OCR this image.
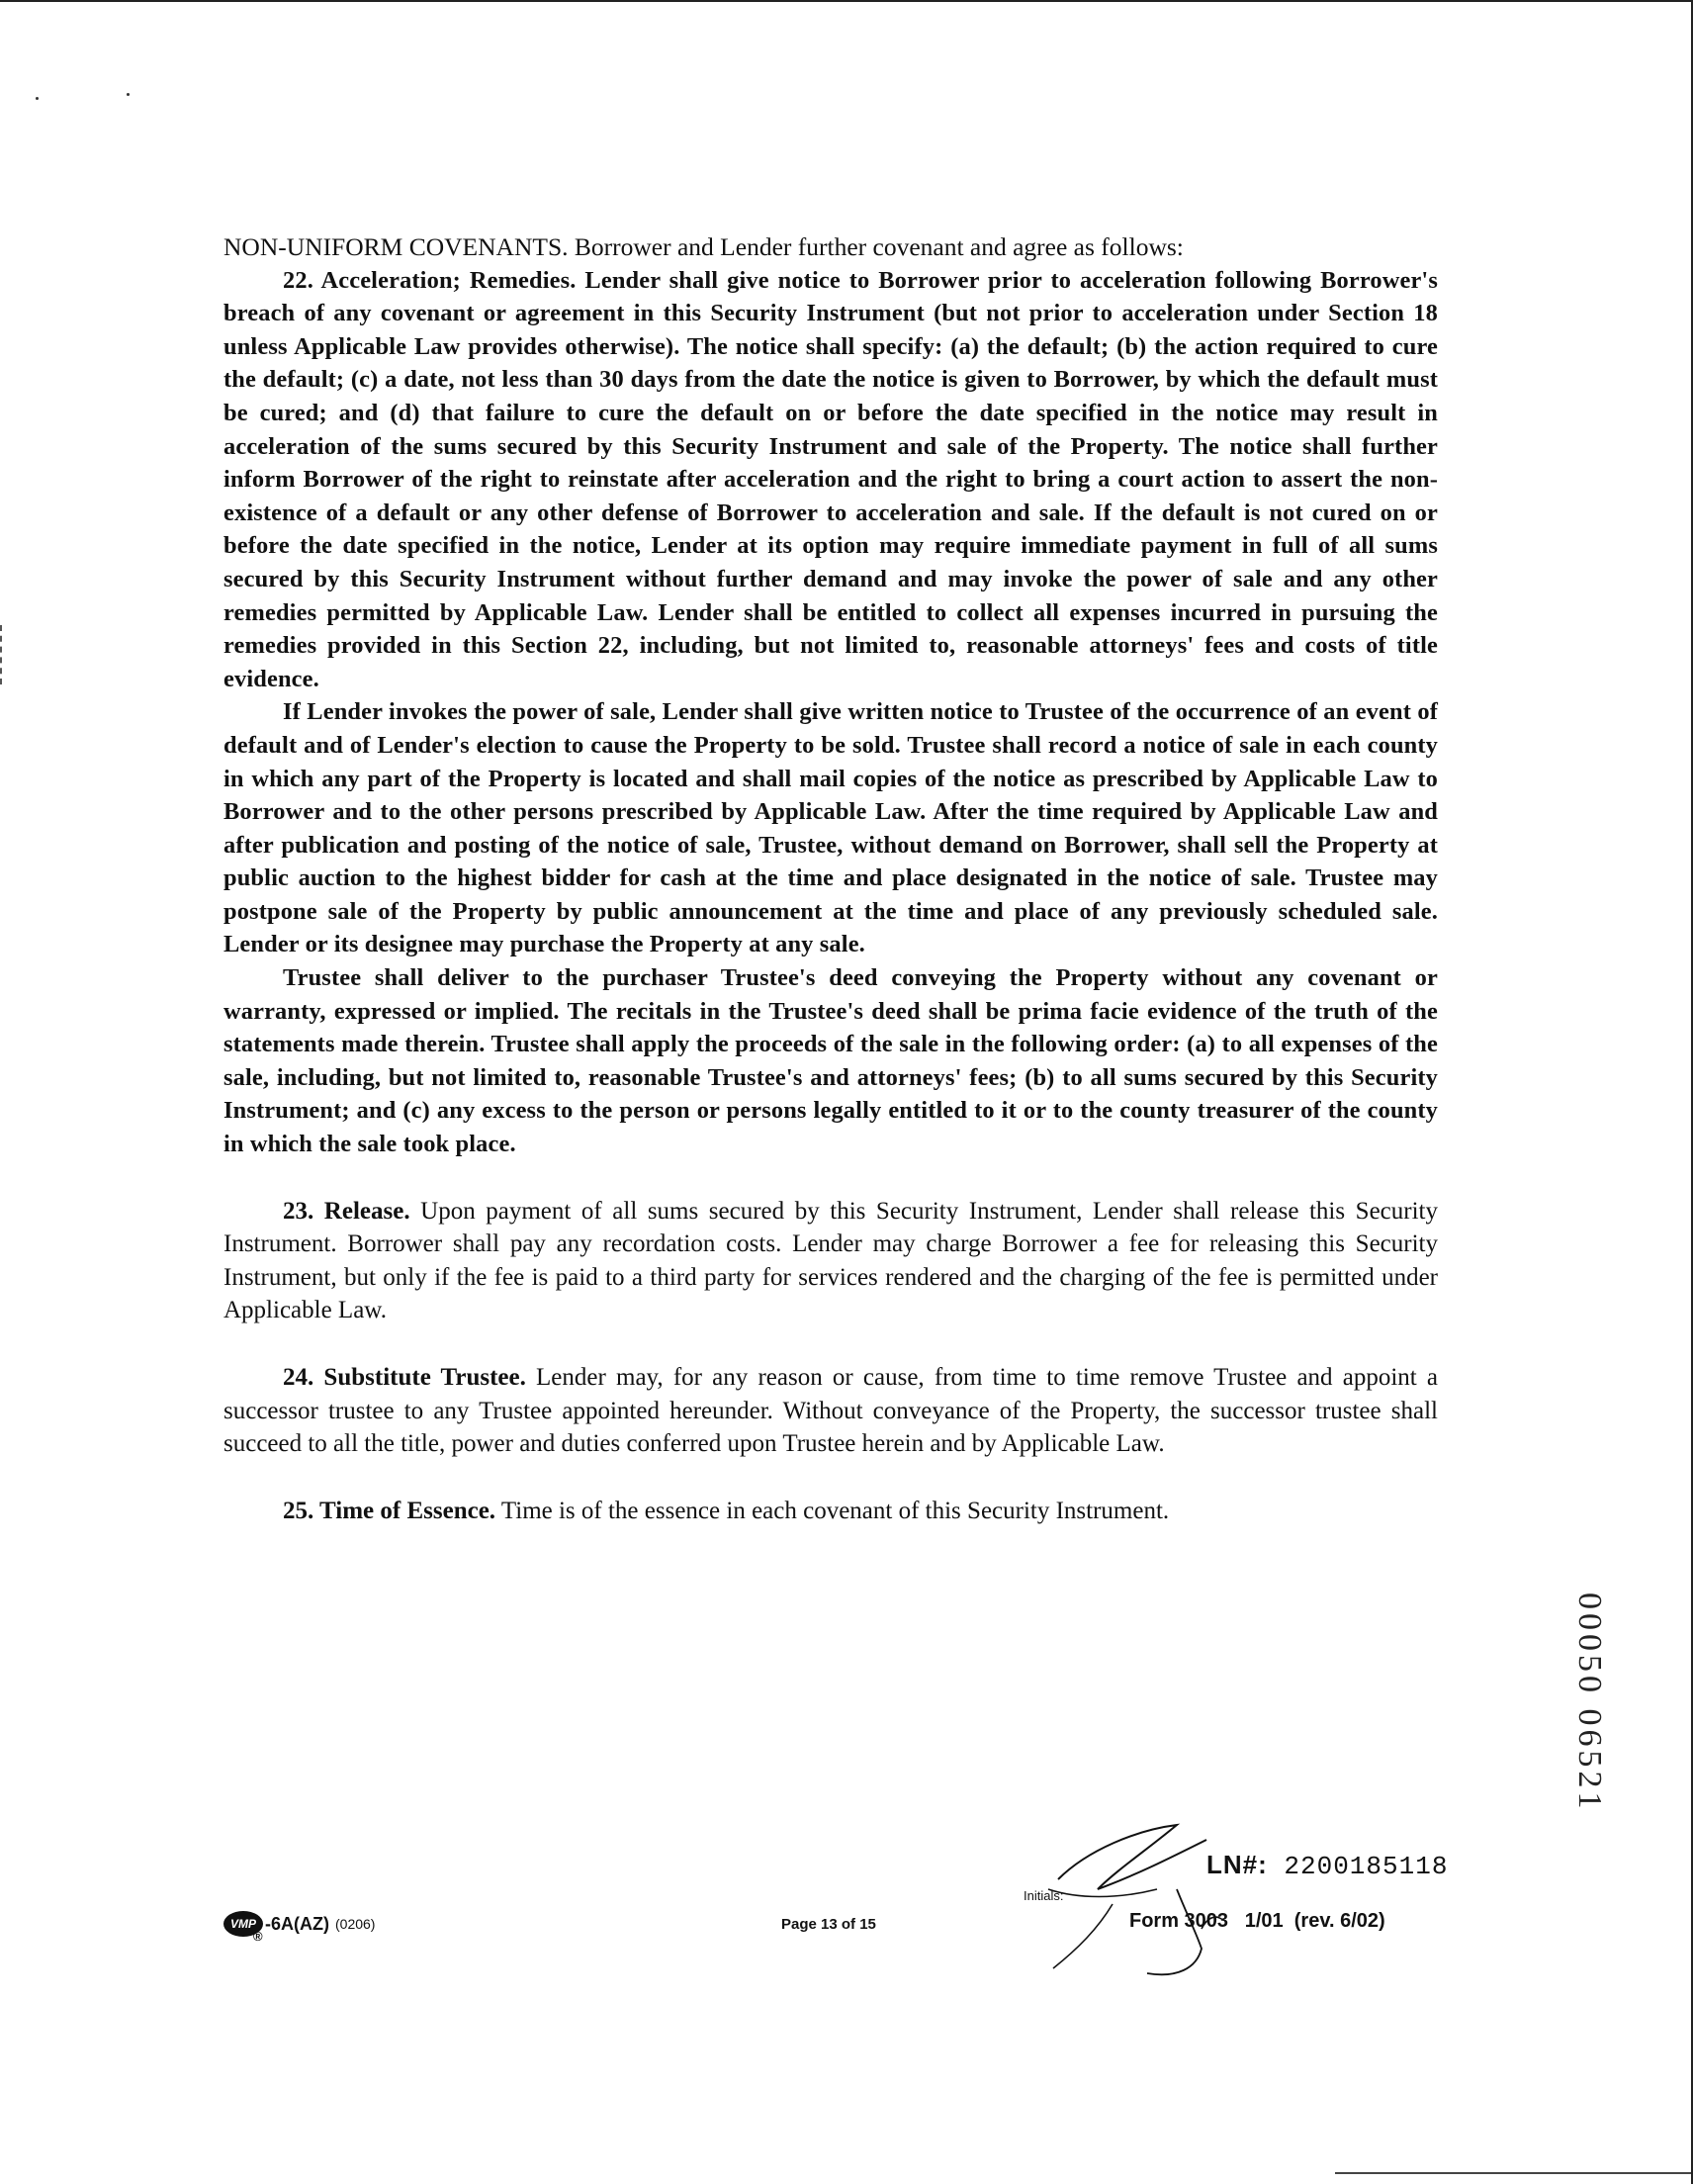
NON-UNIFORM COVENANTS. Borrower and Lender further covenant and agree as follows:

22. Acceleration; Remedies. Lender shall give notice to Borrower prior to acceleration following Borrower's breach of any covenant or agreement in this Security Instrument (but not prior to acceleration under Section 18 unless Applicable Law provides otherwise). The notice shall specify: (a) the default; (b) the action required to cure the default; (c) a date, not less than 30 days from the date the notice is given to Borrower, by which the default must be cured; and (d) that failure to cure the default on or before the date specified in the notice may result in acceleration of the sums secured by this Security Instrument and sale of the Property. The notice shall further inform Borrower of the right to reinstate after acceleration and the right to bring a court action to assert the non-existence of a default or any other defense of Borrower to acceleration and sale. If the default is not cured on or before the date specified in the notice, Lender at its option may require immediate payment in full of all sums secured by this Security Instrument without further demand and may invoke the power of sale and any other remedies permitted by Applicable Law. Lender shall be entitled to collect all expenses incurred in pursuing the remedies provided in this Section 22, including, but not limited to, reasonable attorneys' fees and costs of title evidence.

If Lender invokes the power of sale, Lender shall give written notice to Trustee of the occurrence of an event of default and of Lender's election to cause the Property to be sold. Trustee shall record a notice of sale in each county in which any part of the Property is located and shall mail copies of the notice as prescribed by Applicable Law to Borrower and to the other persons prescribed by Applicable Law. After the time required by Applicable Law and after publication and posting of the notice of sale, Trustee, without demand on Borrower, shall sell the Property at public auction to the highest bidder for cash at the time and place designated in the notice of sale. Trustee may postpone sale of the Property by public announcement at the time and place of any previously scheduled sale. Lender or its designee may purchase the Property at any sale.

Trustee shall deliver to the purchaser Trustee's deed conveying the Property without any covenant or warranty, expressed or implied. The recitals in the Trustee's deed shall be prima facie evidence of the truth of the statements made therein. Trustee shall apply the proceeds of the sale in the following order: (a) to all expenses of the sale, including, but not limited to, reasonable Trustee's and attorneys' fees; (b) to all sums secured by this Security Instrument; and (c) any excess to the person or persons legally entitled to it or to the county treasurer of the county in which the sale took place.

23. Release. Upon payment of all sums secured by this Security Instrument, Lender shall release this Security Instrument. Borrower shall pay any recordation costs. Lender may charge Borrower a fee for releasing this Security Instrument, but only if the fee is paid to a third party for services rendered and the charging of the fee is permitted under Applicable Law.

24. Substitute Trustee. Lender may, for any reason or cause, from time to time remove Trustee and appoint a successor trustee to any Trustee appointed hereunder. Without conveyance of the Property, the successor trustee shall succeed to all the title, power and duties conferred upon Trustee herein and by Applicable Law.

25. Time of Essence. Time is of the essence in each covenant of this Security Instrument.

00050 06521
VMP
®
-6A(AZ) (0206)	Page 13 of 15
LN#: 2200185118
Initials:
Form 3003   1/01  (rev. 6/02)
